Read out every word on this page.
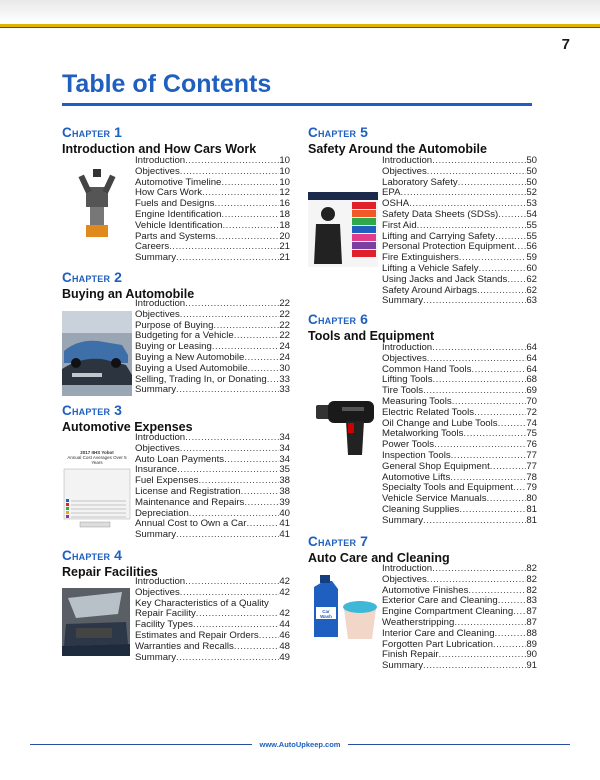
7
Table of Contents
Chapter 1
Introduction and How Cars Work
Introduction .....	10
Objectives .....	10
Automotive Timeline .....	10
How Cars Work .....	12
Fuels and Designs .....	16
Engine Identification .....	18
Vehicle Identification .....	18
Parts and Systems .....	20
Careers .....	21
Summary .....	21
Chapter 2
Buying an Automobile
Introduction .....	22
Objectives .....	22
Purpose of Buying .....	22
Budgeting for a Vehicle .....	22
Buying or Leasing .....	24
Buying a New Automobile .....	24
Buying a Used Automobile .....	30
Selling, Trading In, or Donating ..... 33
Summary .....	33
Chapter 3
Automotive Expenses
Introduction .....	34
Objectives .....	34
Auto Loan Payments .....	34
Insurance .....	35
Fuel Expenses .....	38
License and Registration .....	38
Maintenance and Repairs .....	39
Depreciation .....	40
Annual Cost to Own a Car .....	41
Summary .....	41
2017 IIHS Yobot
Annual Cost Averages Over 5 Years
Chapter 4
Repair Facilities
Introduction .....	42
Objectives .....	42
Key Characteristics of a Quality
Repair Facility .....	42
Facility Types .....	44
Estimates and Repair Orders ..... 46
Warranties and Recalls .....	48
Summary .....	49
Chapter 5
Safety Around the Automobile
Introduction .....	50
Objectives .....	50
Laboratory Safety .....	50
EPA .....	52
OSHA .....	53
Safety Data Sheets (SDSs) .....	54
First Aid .....	55
Lifting and Carrying Safety .....	55
Personal Protection Equipment ..... 56
Fire Extinguishers .....	59
Lifting a Vehicle Safely .....	60
Using Jacks and Jack Stands ..... 62
Safety Around Airbags .....	62
Summary .....	63
Chapter 6
Tools and Equipment
Introduction .....	64
Objectives .....	64
Common Hand Tools .....	64
Lifting Tools .....	68
Tire Tools .....	69
Measuring Tools .....	70
Electric Related Tools .....	72
Oil Change and Lube Tools .....	74
Metalworking Tools .....	75
Power Tools .....	76
Inspection Tools .....	77
General Shop Equipment .....	77
Automotive Lifts .....	78
Specialty Tools and Equipment ..... 79
Vehicle Service Manuals .....	80
Cleaning Supplies .....	81
Summary .....	81
Chapter 7
Auto Care and Cleaning
Introduction .....	82
Objectives .....	82
Automotive Finishes .....	82
Exterior Care and Cleaning .....	83
Engine Compartment Cleaning ..... 87
Weatherstripping .....	87
Interior Care and Cleaning .....	88
Forgotten Part Lubrication .....	89
Finish Repair .....	90
Summary .....	91
Car Wash
www.AutoUpkeep.com
